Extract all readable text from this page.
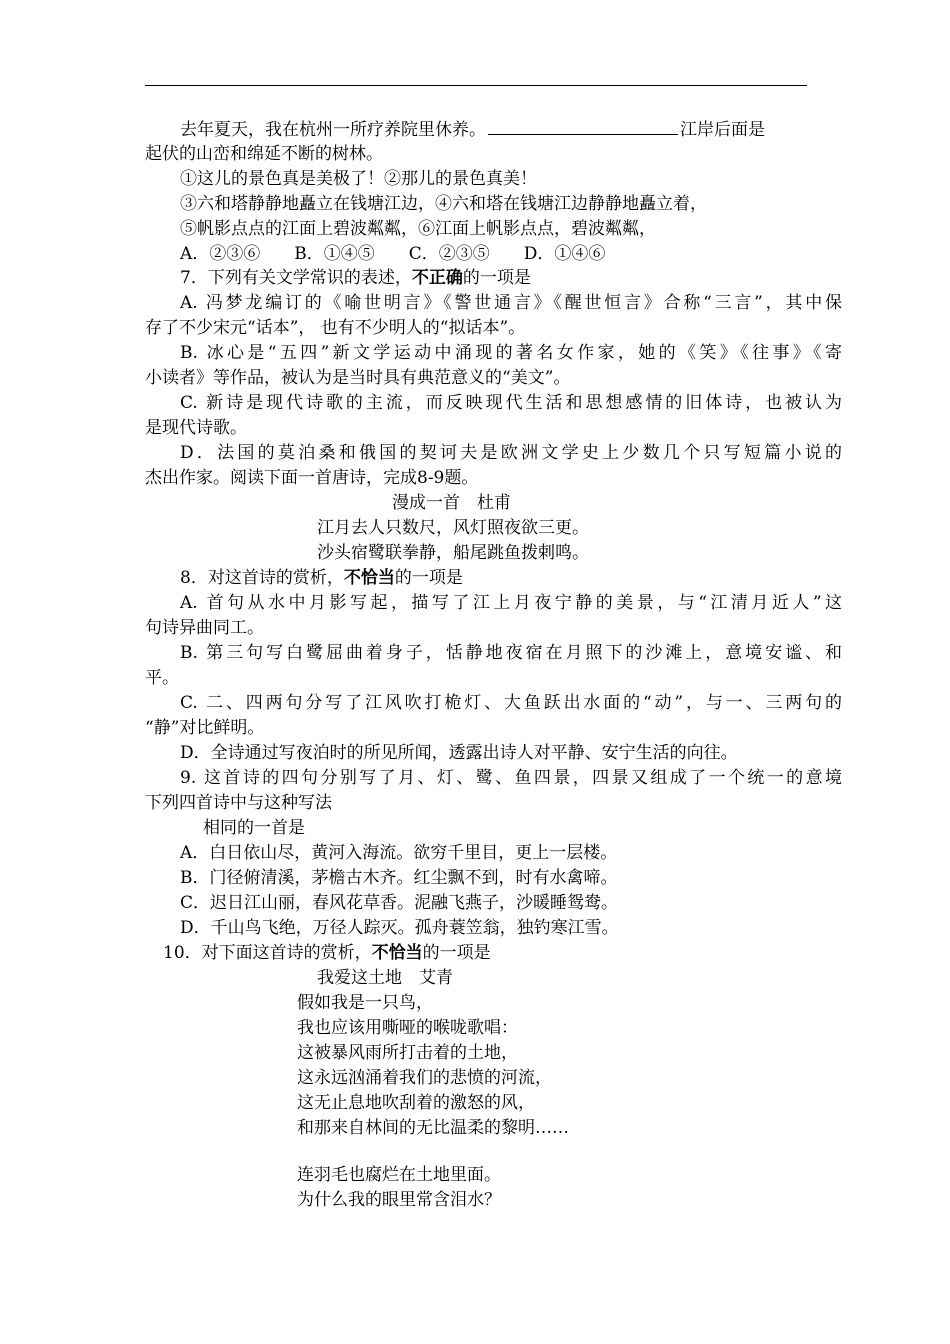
去年夏天，我在杭州一所疗养院里休养。	江岸后面是
起伏的山峦和绵延不断的树林。
①这儿的景色真是美极了！②那儿的景色真美！
③六和塔静静地矗立在钱塘江边，④六和塔在钱塘江边静静地矗立着，
⑤帆影点点的江面上碧波粼粼，⑥江面上帆影点点，碧波粼粼，
A．②③⑥　　B．①④⑤　　C．②③⑤　　D．①④⑥
7．下列有关文学常识的表述，不正确的一项是
A. 冯梦龙编订的《喻世明言》《警世通言》《醒世恒言》合称“三言”，其中保
存了不少宋元“话本”， 也有不少明人的“拟话本”。
B. 冰心是“五四”新文学运动中涌现的著名女作家，她的《笑》《往事》《寄
小读者》等作品，被认为是当时具有典范意义的“美文”。
C. 新诗是现代诗歌的主流，而反映现代生活和思想感情的旧体诗，也被认为
是现代诗歌。
D．法国的莫泊桑和俄国的契诃夫是欧洲文学史上少数几个只写短篇小说的
杰出作家。阅读下面一首唐诗，完成8-9题。
漫成一首　杜甫
江月去人只数尺，风灯照夜欲三更。
沙头宿鹭联拳静，船尾跳鱼拨剌鸣。
8．对这首诗的赏析，不恰当的一项是
A. 首句从水中月影写起，描写了江上月夜宁静的美景，与“江清月近人”这
句诗异曲同工。
B. 第三句写白鹭屈曲着身子，恬静地夜宿在月照下的沙滩上，意境安谧、和
平。
C. 二、四两句分写了江风吹打桅灯、大鱼跃出水面的“动”，与一、三两句的
“静”对比鲜明。
D．全诗通过写夜泊时的所见所闻，透露出诗人对平静、安宁生活的向往。
9. 这首诗的四句分别写了月、灯、鹭、鱼四景，四景又组成了一个统一的意境
下列四首诗中与这种写法
相同的一首是
A．白日依山尽，黄河入海流。欲穷千里目，更上一层楼。
B．门径俯清溪，茅檐古木齐。红尘飘不到，时有水禽啼。
C．迟日江山丽，春风花草香。泥融飞燕子，沙暖睡鸳鸯。
D．千山鸟飞绝，万径人踪灭。孤舟蓑笠翁，独钓寒江雪。
10．对下面这首诗的赏析，不恰当的一项是
我爱这土地　艾青
假如我是一只鸟，
我也应该用嘶哑的喉咙歌唱：
这被暴风雨所打击着的土地，
这永远汹涌着我们的悲愤的河流，
这无止息地吹刮着的激怒的风，
和那来自林间的无比温柔的黎明……
连羽毛也腐烂在土地里面。
为什么我的眼里常含泪水？
